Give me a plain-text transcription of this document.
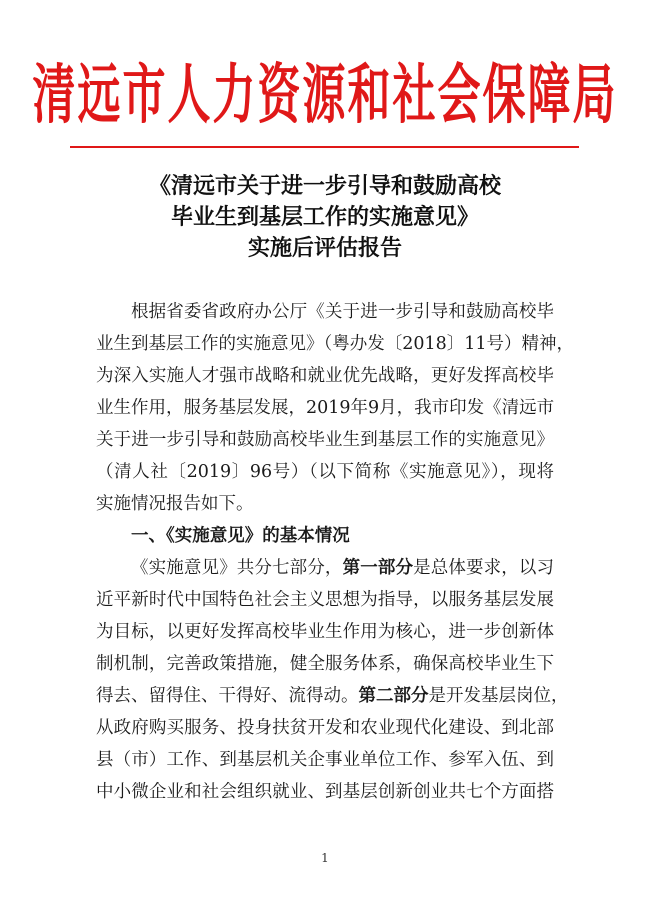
清远市人力资源和社会保障局
《清远市关于进一步引导和鼓励高校
毕业生到基层工作的实施意见》
实施后评估报告
根据省委省政府办公厅《关于进一步引导和鼓励高校毕
业生到基层工作的实施意见》（粤办发〔2018〕11号）精神，
为深入实施人才强市战略和就业优先战略，更好发挥高校毕
业生作用，服务基层发展，2019年9月，我市印发《清远市
关于进一步引导和鼓励高校毕业生到基层工作的实施意见》
（清人社〔2019〕96号）（以下简称《实施意见》），现将
实施情况报告如下。
一、《实施意见》的基本情况
《实施意见》共分七部分，第一部分是总体要求，以习
近平新时代中国特色社会主义思想为指导，以服务基层发展
为目标，以更好发挥高校毕业生作用为核心，进一步创新体
制机制，完善政策措施，健全服务体系，确保高校毕业生下
得去、留得住、干得好、流得动。第二部分是开发基层岗位，
从政府购买服务、投身扶贫开发和农业现代化建设、到北部
县（市）工作、到基层机关企事业单位工作、参军入伍、到
中小微企业和社会组织就业、到基层创新创业共七个方面搭
1
